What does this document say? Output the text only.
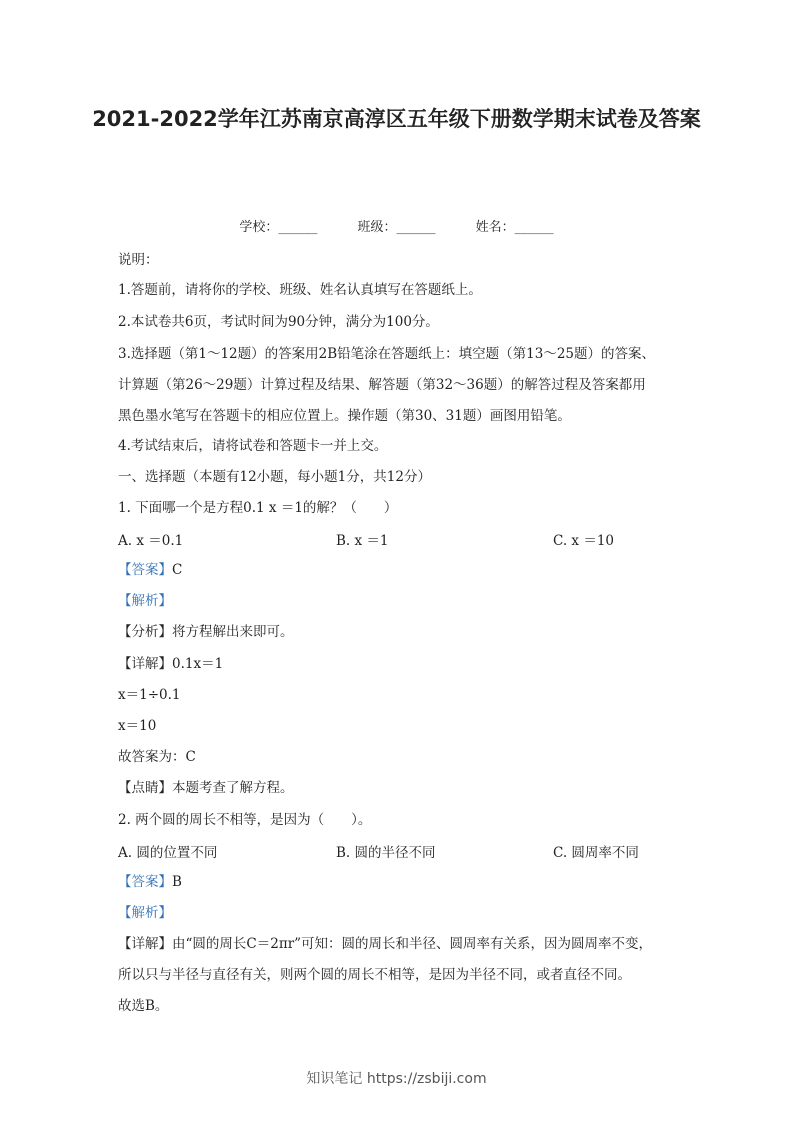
2021-2022学年江苏南京高淳区五年级下册数学期末试卷及答案
学校：______	班级：______	姓名：______
说明：
1.答题前，请将你的学校、班级、姓名认真填写在答题纸上。
2.本试卷共6页，考试时间为90分钟，满分为100分。
3.选择题（第1～12题）的答案用2B铅笔涂在答题纸上：填空题（第13～25题）的答案、
计算题（第26～29题）计算过程及结果、解答题（第32～36题）的解答过程及答案都用
黑色墨水笔写在答题卡的相应位置上。操作题（第30、31题）画图用铅笔。
4.考试结束后，请将试卷和答题卡一并上交。
一、选择题（本题有12小题，每小题1分，共12分）
1. 下面哪一个是方程0.1 x ＝1的解？（　　）
A. x ＝0.1	B. x ＝1	C. x ＝10
【答案】C
【解析】
【分析】将方程解出来即可。
【详解】0.1x＝1
x＝1÷0.1
x＝10
故答案为：C
【点睛】本题考查了解方程。
2. 两个圆的周长不相等，是因为（　　）。
A. 圆的位置不同	B. 圆的半径不同	C. 圆周率不同
【答案】B
【解析】
【详解】由“圆的周长C＝2πr”可知：圆的周长和半径、圆周率有关系，因为圆周率不变，
所以只与半径与直径有关，则两个圆的周长不相等，是因为半径不同，或者直径不同。
故选B。
知识笔记 https://zsbiji.com
